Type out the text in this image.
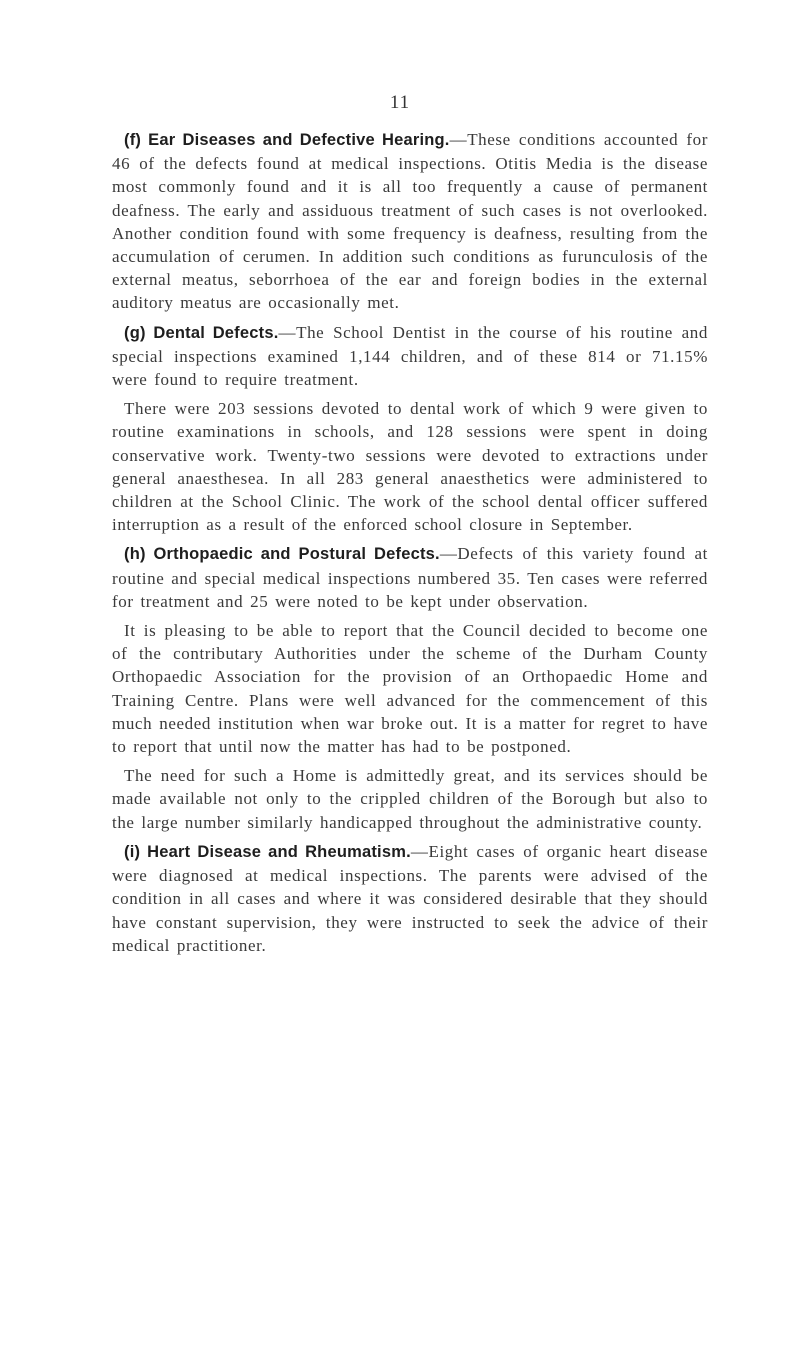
11

(f) Ear Diseases and Defective Hearing.—These conditions accounted for 46 of the defects found at medical inspections. Otitis Media is the disease most commonly found and it is all too frequently a cause of permanent deafness. The early and assiduous treatment of such cases is not overlooked. Another condition found with some frequency is deafness, resulting from the accumulation of cerumen. In addition such conditions as furunculosis of the external meatus, seborrhoea of the ear and foreign bodies in the external auditory meatus are occasionally met.

(g) Dental Defects.—The School Dentist in the course of his routine and special inspections examined 1,144 children, and of these 814 or 71.15% were found to require treatment.

There were 203 sessions devoted to dental work of which 9 were given to routine examinations in schools, and 128 sessions were spent in doing conservative work. Twenty-two sessions were devoted to extractions under general anaesthesea. In all 283 general anaesthetics were administered to children at the School Clinic. The work of the school dental officer suffered interruption as a result of the enforced school closure in September.

(h) Orthopaedic and Postural Defects.—Defects of this variety found at routine and special medical inspections numbered 35. Ten cases were referred for treatment and 25 were noted to be kept under observation.

It is pleasing to be able to report that the Council decided to become one of the contributary Authorities under the scheme of the Durham County Orthopaedic Association for the provision of an Orthopaedic Home and Training Centre. Plans were well advanced for the commencement of this much needed institution when war broke out. It is a matter for regret to have to report that until now the matter has had to be postponed.

The need for such a Home is admittedly great, and its services should be made available not only to the crippled children of the Borough but also to the large number similarly handicapped throughout the administrative county.

(i) Heart Disease and Rheumatism.—Eight cases of organic heart disease were diagnosed at medical inspections. The parents were advised of the condition in all cases and where it was considered desirable that they should have constant supervision, they were instructed to seek the advice of their medical practitioner.
